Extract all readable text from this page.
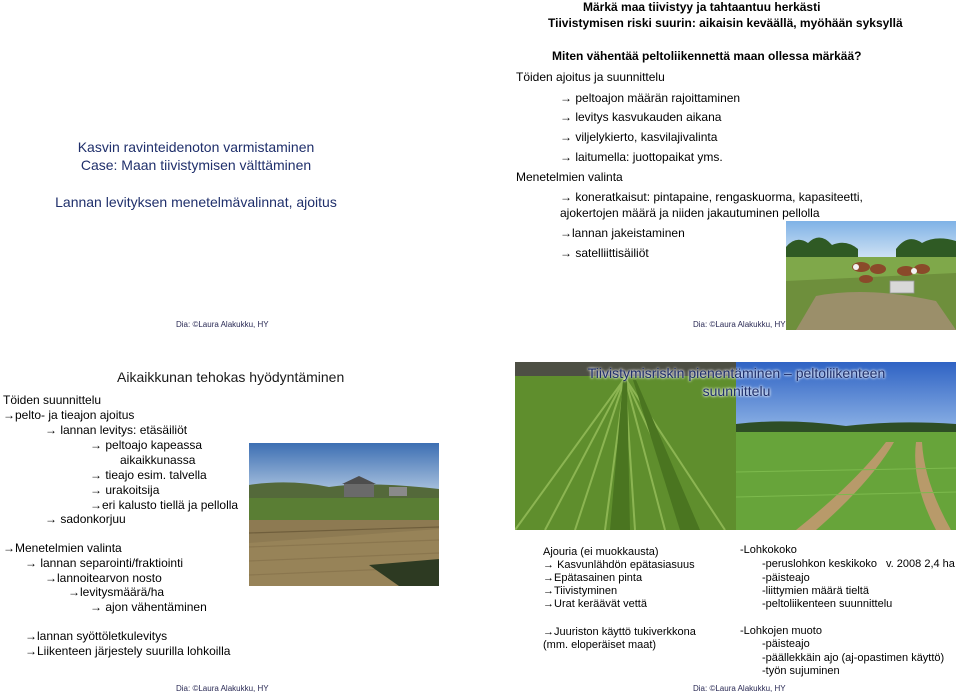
Kasvin ravinteidenoton varmistaminen
Case: Maan tiivistymisen välttäminen
Lannan levityksen menetelmävalinnat, ajoitus
Dia: ©Laura Alakukku, HY
Märkä maa tiivistyy ja tahtaantuu herkästi
Tiivistymisen riski suurin: aikaisin keväällä, myöhään syksyllä
Miten vähentää peltoliikennettä maan ollessa märkää?
Töiden ajoitus ja suunnittelu
→ peltoajon määrän rajoittaminen
→ levitys kasvukauden aikana
→ viljelykierto, kasvilajivalinta
→ laitumella: juottopaikat yms.
Menetelmien valinta
→ koneratkaisut: pintapaine, rengaskuorma, kapasiteetti,
ajokertojen määrä ja niiden jakautuminen pellolla
→lannan jakeistaminen
→ satelliittisäiliöt
Dia: ©Laura Alakukku, HY
Aikaikkunan tehokas hyödyntäminen
Töiden suunnittelu
→pelto- ja tieajon ajoitus
→ lannan levitys: etäsäiliöt
→ peltoajo kapeassa
aikaikkunassa
→ tieajo esim. talvella
→ urakoitsija
→eri kalusto tiellä ja pellolla
→ sadonkorjuu
→Menetelmien valinta
→ lannan separointi/fraktiointi
→lannoitearvon nosto
→levitysmäärä/ha
→ ajon vähentäminen
→lannan syöttöletkulevitys
→Liikenteen järjestely suurilla lohkoilla
Dia: ©Laura Alakukku, HY
Tiivistymisriskin pienentäminen – peltoliikenteen
suunnittelu
Ajouria (ei muokkausta)
→ Kasvunlähdön epätasiasuus
→Epätasainen pinta
→Tiivistyminen
→Urat keräävät vettä
→Juuriston käyttö tukiverkkona
(mm. eloperäiset maat)
-Lohkokoko
-peruslohkon keskikoko v. 2008 2,4 ha
-päisteajo
-liittymien määrä tieltä
-peltoliikenteen suunnittelu
-Lohkojen muoto
-päisteajo
-päällekkäin ajo (aj-opastimen käyttö)
-työn sujuminen
Dia: ©Laura Alakukku, HY
